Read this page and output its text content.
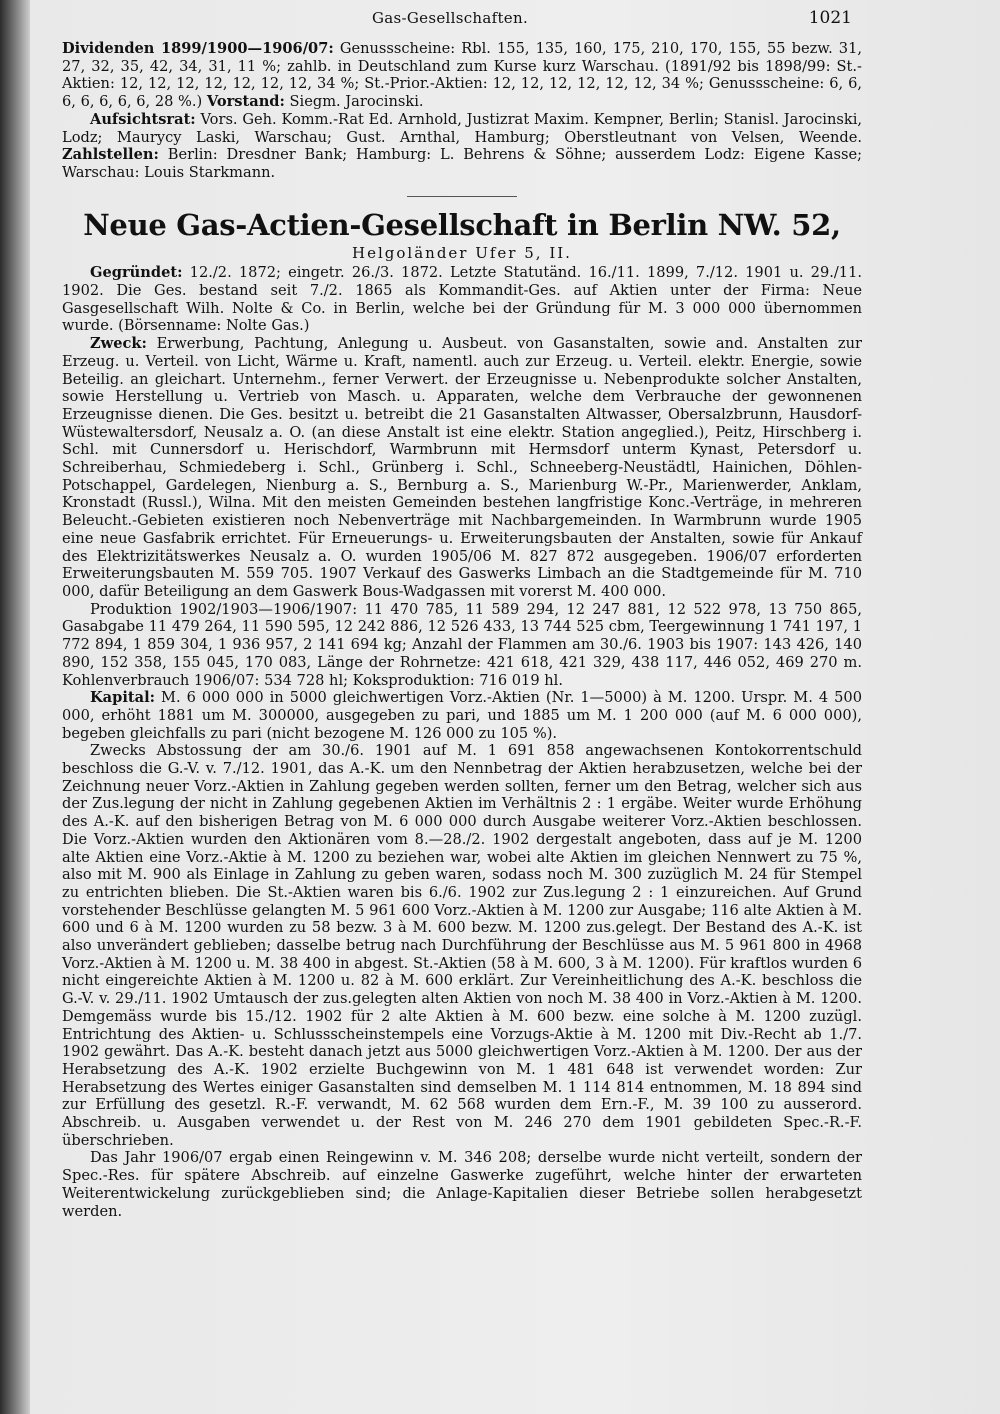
Gas-Gesellschaften.	1021

Dividenden 1899/1900—1906/07: Genussscheine: Rbl. 155, 135, 160, 175, 210, 170, 155, 55 bezw. 31, 27, 32, 35, 42, 34, 31, 11 %; zahlb. in Deutschland zum Kurse kurz Warschau. (1891/92 bis 1898/99: St.-Aktien: 12, 12, 12, 12, 12, 12, 12, 34 %; St.-Prior.-Aktien: 12, 12, 12, 12, 12, 12, 34 %; Genussscheine: 6, 6, 6, 6, 6, 6, 6, 28 %.) Vorstand: Siegm. Jarocinski.

Aufsichtsrat: Vors. Geh. Komm.-Rat Ed. Arnhold, Justizrat Maxim. Kempner, Berlin; Stanisl. Jarocinski, Lodz; Maurycy Laski, Warschau; Gust. Arnthal, Hamburg; Oberstleutnant von Velsen, Weende. Zahlstellen: Berlin: Dresdner Bank; Hamburg: L. Behrens & Söhne; ausserdem Lodz: Eigene Kasse; Warschau: Louis Starkmann.

Neue Gas-Actien-Gesellschaft in Berlin NW. 52,
Helgoländer Ufer 5, II.

Gegründet: 12./2. 1872; eingetr. 26./3. 1872. Letzte Statutänd. 16./11. 1899, 7./12. 1901 u. 29./11. 1902. Die Ges. bestand seit 7./2. 1865 als Kommandit-Ges. auf Aktien unter der Firma: Neue Gasgesellschaft Wilh. Nolte & Co. in Berlin, welche bei der Gründung für M. 3 000 000 übernommen wurde. (Börsenname: Nolte Gas.)

Zweck: Erwerbung, Pachtung, Anlegung u. Ausbeut. von Gasanstalten, sowie and. Anstalten zur Erzeug. u. Verteil. von Licht, Wärme u. Kraft, namentl. auch zur Erzeug. u. Verteil. elektr. Energie, sowie Beteilig. an gleichart. Unternehm., ferner Verwert. der Erzeugnisse u. Nebenprodukte solcher Anstalten, sowie Herstellung u. Vertrieb von Masch. u. Apparaten, welche dem Verbrauche der gewonnenen Erzeugnisse dienen. Die Ges. besitzt u. betreibt die 21 Gasanstalten Altwasser, Obersalzbrunn, Hausdorf-Wüstewaltersdorf, Neusalz a. O. (an diese Anstalt ist eine elektr. Station angeglied.), Peitz, Hirschberg i. Schl. mit Cunnersdorf u. Herischdorf, Warmbrunn mit Hermsdorf unterm Kynast, Petersdorf u. Schreiberhau, Schmiedeberg i. Schl., Grünberg i. Schl., Schneeberg-Neustädtl, Hainichen, Döhlen-Potschappel, Gardelegen, Nienburg a. S., Bernburg a. S., Marienburg W.-Pr., Marienwerder, Anklam, Kronstadt (Russl.), Wilna. Mit den meisten Gemeinden bestehen langfristige Konc.-Verträge, in mehreren Beleucht.-Gebieten existieren noch Nebenverträge mit Nachbargemeinden. In Warmbrunn wurde 1905 eine neue Gasfabrik errichtet. Für Erneuerungs- u. Erweiterungsbauten der Anstalten, sowie für Ankauf des Elektrizitätswerkes Neusalz a. O. wurden 1905/06 M. 827 872 ausgegeben. 1906/07 erforderten Erweiterungsbauten M. 559 705. 1907 Verkauf des Gaswerks Limbach an die Stadtgemeinde für M. 710 000, dafür Beteiligung an dem Gaswerk Bous-Wadgassen mit vorerst M. 400 000.

Produktion 1902/1903—1906/1907: 11 470 785, 11 589 294, 12 247 881, 12 522 978, 13 750 865, Gasabgabe 11 479 264, 11 590 595, 12 242 886, 12 526 433, 13 744 525 cbm, Teergewinnung 1 741 197, 1 772 894, 1 859 304, 1 936 957, 2 141 694 kg; Anzahl der Flammen am 30./6. 1903 bis 1907: 143 426, 140 890, 152 358, 155 045, 170 083, Länge der Rohrnetze: 421 618, 421 329, 438 117, 446 052, 469 270 m. Kohlenverbrauch 1906/07: 534 728 hl; Koksproduktion: 716 019 hl.

Kapital: M. 6 000 000 in 5000 gleichwertigen Vorz.-Aktien (Nr. 1—5000) à M. 1200. Urspr. M. 4 500 000, erhöht 1881 um M. 300000, ausgegeben zu pari, und 1885 um M. 1 200 000 (auf M. 6 000 000), begeben gleichfalls zu pari (nicht bezogene M. 126 000 zu 105 %).

Zwecks Abstossung der am 30./6. 1901 auf M. 1 691 858 angewachsenen Kontokorrentschuld beschloss die G.-V. v. 7./12. 1901, das A.-K. um den Nennbetrag der Aktien herabzusetzen, welche bei der Zeichnung neuer Vorz.-Aktien in Zahlung gegeben werden sollten, ferner um den Betrag, welcher sich aus der Zus.legung der nicht in Zahlung gegebenen Aktien im Verhältnis 2 : 1 ergäbe. Weiter wurde Erhöhung des A.-K. auf den bisherigen Betrag von M. 6 000 000 durch Ausgabe weiterer Vorz.-Aktien beschlossen. Die Vorz.-Aktien wurden den Aktionären vom 8.—28./2. 1902 dergestalt angeboten, dass auf je M. 1200 alte Aktien eine Vorz.-Aktie à M. 1200 zu beziehen war, wobei alte Aktien im gleichen Nennwert zu 75 %, also mit M. 900 als Einlage in Zahlung zu geben waren, sodass noch M. 300 zuzüglich M. 24 für Stempel zu entrichten blieben. Die St.-Aktien waren bis 6./6. 1902 zur Zus.legung 2 : 1 einzureichen. Auf Grund vorstehender Beschlüsse gelangten M. 5 961 600 Vorz.-Aktien à M. 1200 zur Ausgabe; 116 alte Aktien à M. 600 und 6 à M. 1200 wurden zu 58 bezw. 3 à M. 600 bezw. M. 1200 zus.gelegt. Der Bestand des A.-K. ist also unverändert geblieben; dasselbe betrug nach Durchführung der Beschlüsse aus M. 5 961 800 in 4968 Vorz.-Aktien à M. 1200 u. M. 38 400 in abgest. St.-Aktien (58 à M. 600, 3 à M. 1200). Für kraftlos wurden 6 nicht eingereichte Aktien à M. 1200 u. 82 à M. 600 erklärt. Zur Vereinheitlichung des A.-K. beschloss die G.-V. v. 29./11. 1902 Umtausch der zus.gelegten alten Aktien von noch M. 38 400 in Vorz.-Aktien à M. 1200. Demgemäss wurde bis 15./12. 1902 für 2 alte Aktien à M. 600 bezw. eine solche à M. 1200 zuzügl. Entrichtung des Aktien- u. Schlussscheinstempels eine Vorzugs-Aktie à M. 1200 mit Div.-Recht ab 1./7. 1902 gewährt. Das A.-K. besteht danach jetzt aus 5000 gleichwertigen Vorz.-Aktien à M. 1200. Der aus der Herabsetzung des A.-K. 1902 erzielte Buchgewinn von M. 1 481 648 ist verwendet worden: Zur Herabsetzung des Wertes einiger Gasanstalten sind demselben M. 1 114 814 entnommen, M. 18 894 sind zur Erfüllung des gesetzl. R.-F. verwandt, M. 62 568 wurden dem Ern.-F., M. 39 100 zu ausserord. Abschreib. u. Ausgaben verwendet u. der Rest von M. 246 270 dem 1901 gebildeten Spec.-R.-F. überschrieben.

Das Jahr 1906/07 ergab einen Reingewinn v. M. 346 208; derselbe wurde nicht verteilt, sondern der Spec.-Res. für spätere Abschreib. auf einzelne Gaswerke zugeführt, welche hinter der erwarteten Weiterentwickelung zurückgeblieben sind; die Anlage-Kapitalien dieser Betriebe sollen herabgesetzt werden.
